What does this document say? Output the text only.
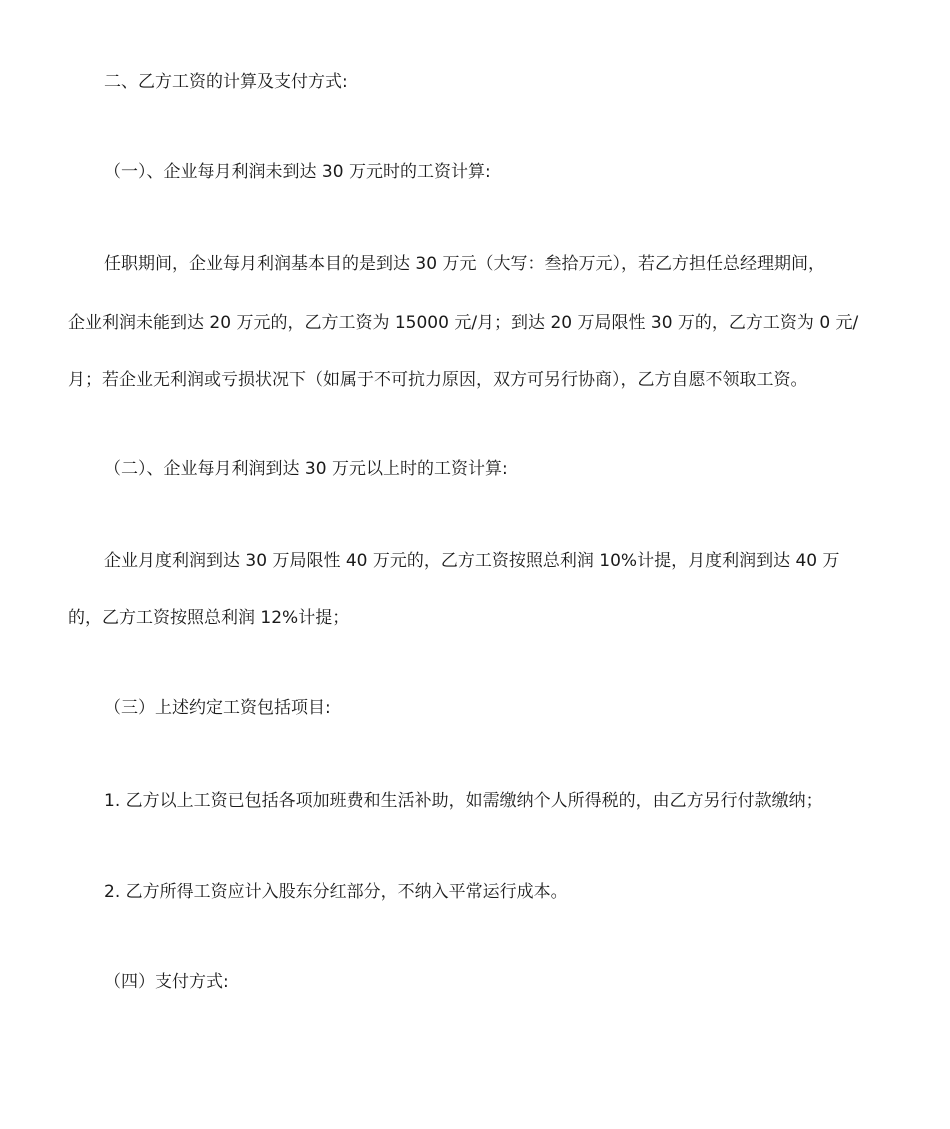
二、乙方工资的计算及支付方式:
（一）、企业每月利润未到达 30 万元时的工资计算:
任职期间，企业每月利润基本目的是到达 30 万元（大写：叁拾万元），若乙方担任总经理期间，
企业利润未能到达 20 万元的，乙方工资为 15000 元/月；到达 20 万局限性 30 万的，乙方工资为 0 元/
月；若企业无利润或亏损状况下（如属于不可抗力原因，双方可另行协商），乙方自愿不领取工资。
（二）、企业每月利润到达 30 万元以上时的工资计算:
企业月度利润到达 30 万局限性 40 万元的，乙方工资按照总利润 10%计提，月度利润到达 40 万
的，乙方工资按照总利润 12%计提；
（三）上述约定工资包括项目:
1. 乙方以上工资已包括各项加班费和生活补助，如需缴纳个人所得税的，由乙方另行付款缴纳；
2. 乙方所得工资应计入股东分红部分，不纳入平常运行成本。
（四）支付方式:
